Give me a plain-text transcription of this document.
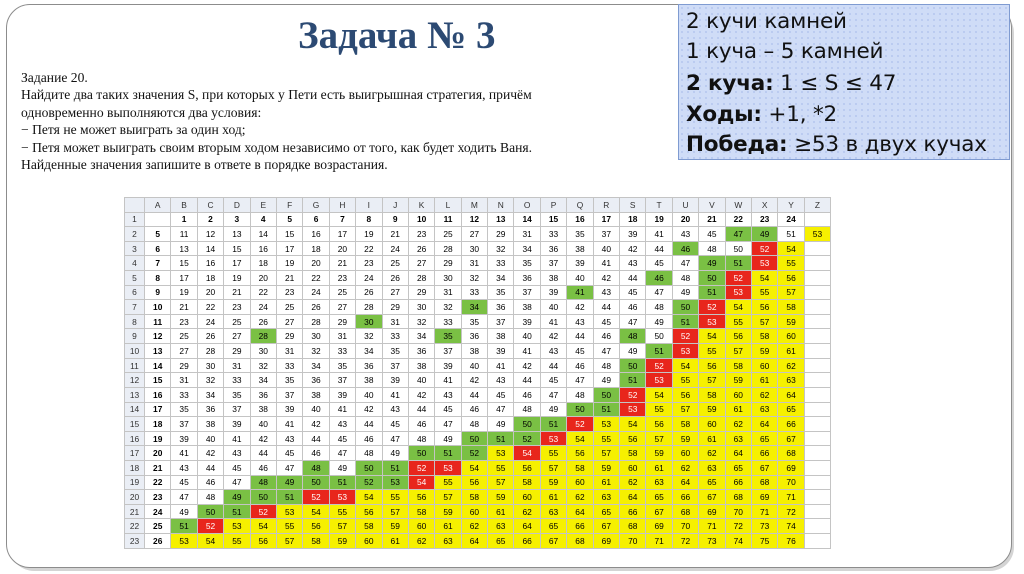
Задача № 3
Задание 20.
Найдите два таких значения S, при которых у Пети есть выигрышная стратегия, причём
одновременно выполняются два условия:
− Петя не может выиграть за один ход;
− Петя может выиграть своим вторым ходом независимо от того, как будет ходить Ваня.
Найденные значения запишите в ответе в порядке возрастания.
2 кучи камней
1 куча – 5 камней
2 куча: 1 ≤ S ≤ 47
Ходы: +1, *2
Победа: ≥53 в двух кучах
	A	B	C	D	E	F	G	H	I	J	K	L	M	N	O	P	Q	R	S	T	U	V	W	X	Y	Z
1		1	2	3	4	5	6	7	8	9	10	11	12	13	14	15	16	17	18	19	20	21	22	23	24	
2	5	11	12	13	14	15	16	17	19	21	23	25	27	29	31	33	35	37	39	41	43	45	47	49	51	53
3	6	13	14	15	16	17	18	20	22	24	26	28	30	32	34	36	38	40	42	44	46	48	50	52	54	
4	7	15	16	17	18	19	20	21	23	25	27	29	31	33	35	37	39	41	43	45	47	49	51	53	55	
5	8	17	18	19	20	21	22	23	24	26	28	30	32	34	36	38	40	42	44	46	48	50	52	54	56	
6	9	19	20	21	22	23	24	25	26	27	29	31	33	35	37	39	41	43	45	47	49	51	53	55	57	
7	10	21	22	23	24	25	26	27	28	29	30	32	34	36	38	40	42	44	46	48	50	52	54	56	58	
8	11	23	24	25	26	27	28	29	30	31	32	33	35	37	39	41	43	45	47	49	51	53	55	57	59	
9	12	25	26	27	28	29	30	31	32	33	34	35	36	38	40	42	44	46	48	50	52	54	56	58	60	
10	13	27	28	29	30	31	32	33	34	35	36	37	38	39	41	43	45	47	49	51	53	55	57	59	61	
11	14	29	30	31	32	33	34	35	36	37	38	39	40	41	42	44	46	48	50	52	54	56	58	60	62	
12	15	31	32	33	34	35	36	37	38	39	40	41	42	43	44	45	47	49	51	53	55	57	59	61	63	
13	16	33	34	35	36	37	38	39	40	41	42	43	44	45	46	47	48	50	52	54	56	58	60	62	64	
14	17	35	36	37	38	39	40	41	42	43	44	45	46	47	48	49	50	51	53	55	57	59	61	63	65	
15	18	37	38	39	40	41	42	43	44	45	46	47	48	49	50	51	52	53	54	56	58	60	62	64	66	
16	19	39	40	41	42	43	44	45	46	47	48	49	50	51	52	53	54	55	56	57	59	61	63	65	67	
17	20	41	42	43	44	45	46	47	48	49	50	51	52	53	54	55	56	57	58	59	60	62	64	66	68	
18	21	43	44	45	46	47	48	49	50	51	52	53	54	55	56	57	58	59	60	61	62	63	65	67	69	
19	22	45	46	47	48	49	50	51	52	53	54	55	56	57	58	59	60	61	62	63	64	65	66	68	70	
20	23	47	48	49	50	51	52	53	54	55	56	57	58	59	60	61	62	63	64	65	66	67	68	69	71	
21	24	49	50	51	52	53	54	55	56	57	58	59	60	61	62	63	64	65	66	67	68	69	70	71	72	
22	25	51	52	53	54	55	56	57	58	59	60	61	62	63	64	65	66	67	68	69	70	71	72	73	74	
23	26	53	54	55	56	57	58	59	60	61	62	63	64	65	66	67	68	69	70	71	72	73	74	75	76	
